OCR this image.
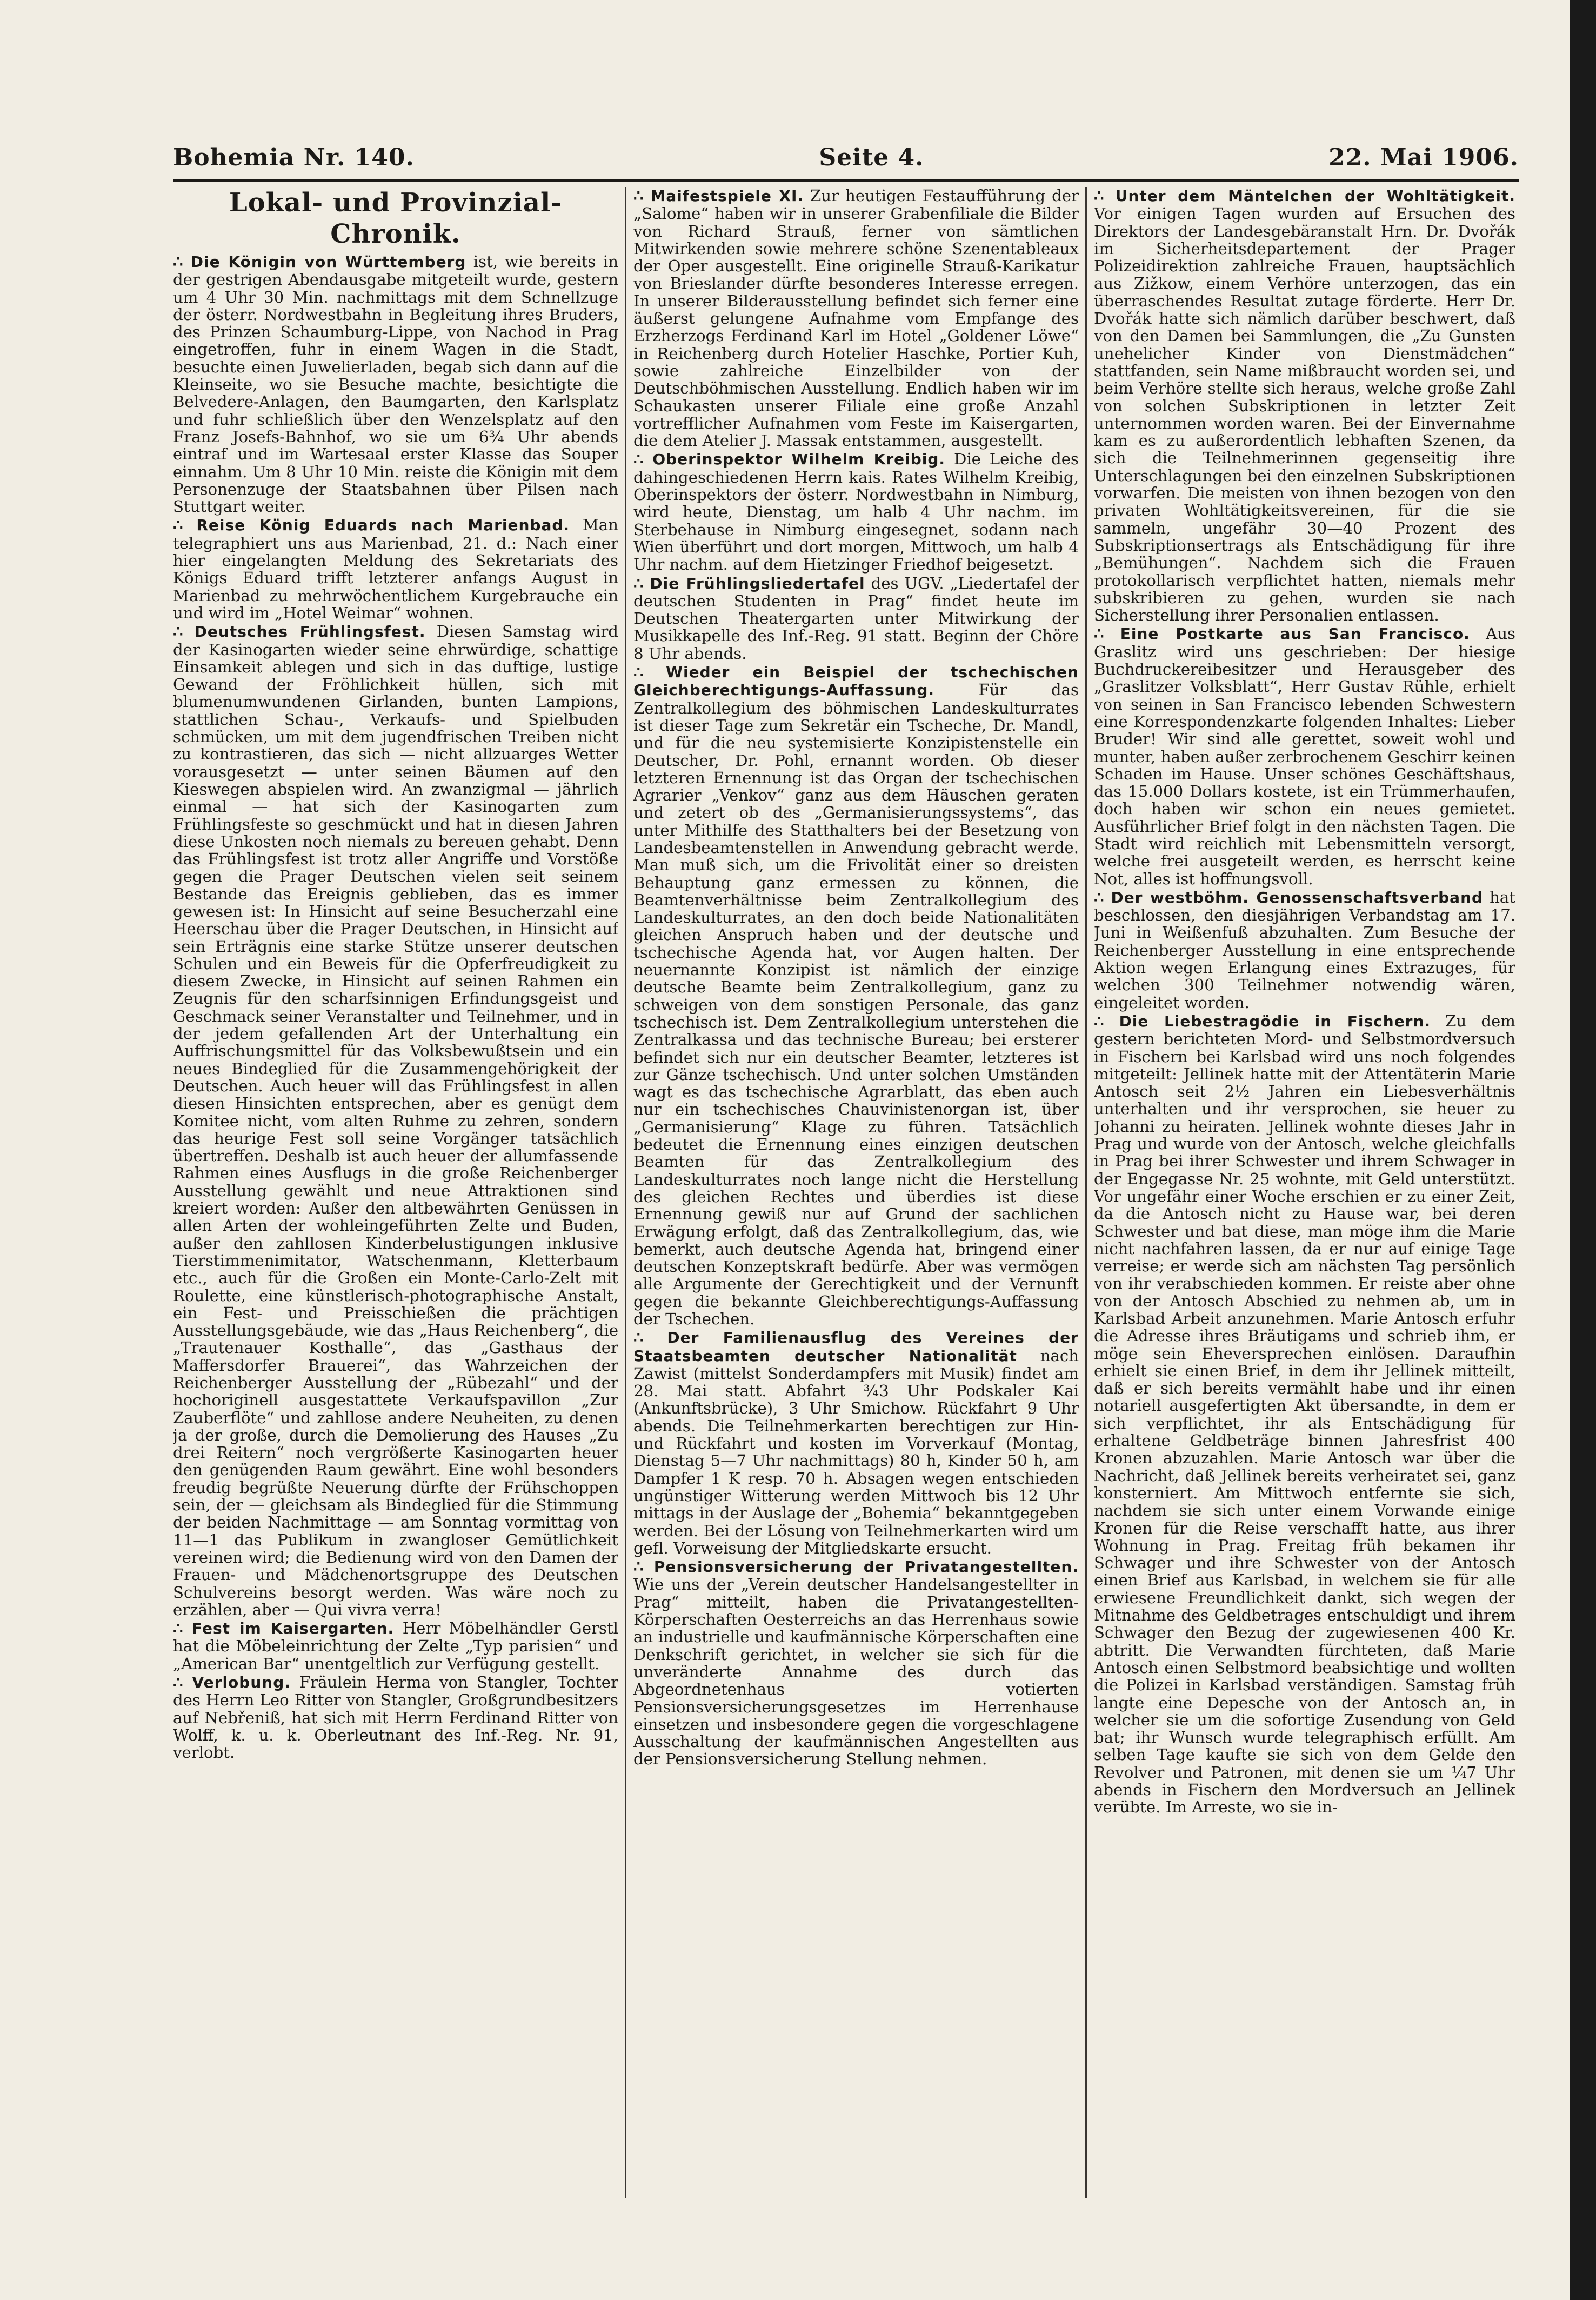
Bohemia Nr. 140.	Seite 4.	22. Mai 1906.
Lokal- und Provinzial-Chronik.

∴ Die Königin von Württemberg ist, wie bereits in der gestrigen Abendausgabe mitgeteilt wurde, gestern um 4 Uhr 30 Min. nachmittags mit dem Schnellzuge der österr. Nordwestbahn in Begleitung ihres Bruders, des Prinzen Schaumburg-Lippe, von Nachod in Prag eingetroffen, fuhr in einem Wagen in die Stadt, besuchte einen Juwelierladen, begab sich dann auf die Kleinseite, wo sie Besuche machte, besichtigte die Belvedere-Anlagen, den Baumgarten, den Karlsplatz und fuhr schließlich über den Wenzelsplatz auf den Franz Josefs-Bahnhof, wo sie um 6¾ Uhr abends eintraf und im Wartesaal erster Klasse das Souper einnahm. Um 8 Uhr 10 Min. reiste die Königin mit dem Personenzuge der Staatsbahnen über Pilsen nach Stuttgart weiter.

∴ Reise König Eduards nach Marienbad. Man telegraphiert uns aus Marienbad, 21. d.: Nach einer hier eingelangten Meldung des Sekretariats des Königs Eduard trifft letzterer anfangs August in Marienbad zu mehrwöchentlichem Kurgebrauche ein und wird im „Hotel Weimar“ wohnen.

∴ Deutsches Frühlingsfest. Diesen Samstag wird der Kasinogarten wieder seine ehrwürdige, schattige Einsamkeit ablegen und sich in das duftige, lustige Gewand der Fröhlichkeit hüllen, sich mit blumenumwundenen Girlanden, bunten Lampions, stattlichen Schau-, Verkaufs- und Spielbuden schmücken, um mit dem jugendfrischen Treiben nicht zu kontrastieren, das sich — nicht allzuarges Wetter vorausgesetzt — unter seinen Bäumen auf den Kieswegen abspielen wird. An zwanzigmal — jährlich einmal — hat sich der Kasinogarten zum Frühlingsfeste so geschmückt und hat in diesen Jahren diese Unkosten noch niemals zu bereuen gehabt. Denn das Frühlingsfest ist trotz aller Angriffe und Vorstöße gegen die Prager Deutschen vielen seit seinem Bestande das Ereignis geblieben, das es immer gewesen ist: In Hinsicht auf seine Besucherzahl eine Heerschau über die Prager Deutschen, in Hinsicht auf sein Erträgnis eine starke Stütze unserer deutschen Schulen und ein Beweis für die Opferfreudigkeit zu diesem Zwecke, in Hinsicht auf seinen Rahmen ein Zeugnis für den scharfsinnigen Erfindungsgeist und Geschmack seiner Veranstalter und Teilnehmer, und in der jedem gefallenden Art der Unterhaltung ein Auffrischungsmittel für das Volksbewußtsein und ein neues Bindeglied für die Zusammengehörigkeit der Deutschen. Auch heuer will das Frühlingsfest in allen diesen Hinsichten entsprechen, aber es genügt dem Komitee nicht, vom alten Ruhme zu zehren, sondern das heurige Fest soll seine Vorgänger tatsächlich übertreffen. Deshalb ist auch heuer der allumfassende Rahmen eines Ausflugs in die große Reichenberger Ausstellung gewählt und neue Attraktionen sind kreiert worden: Außer den altbewährten Genüssen in allen Arten der wohleingeführten Zelte und Buden, außer den zahllosen Kinderbelustigungen inklusive Tierstimmenimitator, Watschenmann, Kletterbaum etc., auch für die Großen ein Monte-Carlo-Zelt mit Roulette, eine künstlerisch-photographische Anstalt, ein Fest- und Preisschießen die prächtigen Ausstellungsgebäude, wie das „Haus Reichenberg“, die „Trautenauer Kosthalle“, das „Gasthaus der Maffersdorfer Brauerei“, das Wahrzeichen der Reichenberger Ausstellung der „Rübezahl“ und der hochoriginell ausgestattete Verkaufspavillon „Zur Zauberflöte“ und zahllose andere Neuheiten, zu denen ja der große, durch die Demolierung des Hauses „Zu drei Reitern“ noch vergrößerte Kasinogarten heuer den genügenden Raum gewährt. Eine wohl besonders freudig begrüßte Neuerung dürfte der Frühschoppen sein, der — gleichsam als Bindeglied für die Stimmung der beiden Nachmittage — am Sonntag vormittag von 11—1 das Publikum in zwangloser Gemütlichkeit vereinen wird; die Bedienung wird von den Damen der Frauen- und Mädchenortsgruppe des Deutschen Schulvereins besorgt werden. Was wäre noch zu erzählen, aber — Qui vivra verra!

∴ Fest im Kaisergarten. Herr Möbelhändler Gerstl hat die Möbeleinrichtung der Zelte „Typ parisien“ und „American Bar“ unentgeltlich zur Verfügung gestellt.

∴ Verlobung. Fräulein Herma von Stangler, Tochter des Herrn Leo Ritter von Stangler, Großgrundbesitzers auf Nebřeniß, hat sich mit Herrn Ferdinand Ritter von Wolff, k. u. k. Oberleutnant des Inf.-Reg. Nr. 91, verlobt.

∴ Maifestspiele XI. Zur heutigen Festaufführung der „Salome“ haben wir in unserer Grabenfiliale die Bilder von Richard Strauß, ferner von sämtlichen Mitwirkenden sowie mehrere schöne Szenentableaux der Oper ausgestellt. Eine originelle Strauß-Karikatur von Brieslander dürfte besonderes Interesse erregen. In unserer Bilderausstellung befindet sich ferner eine äußerst gelungene Aufnahme vom Empfange des Erzherzogs Ferdinand Karl im Hotel „Goldener Löwe“ in Reichenberg durch Hotelier Haschke, Portier Kuh, sowie zahlreiche Einzelbilder von der Deutschböhmischen Ausstellung. Endlich haben wir im Schaukasten unserer Filiale eine große Anzahl vortrefflicher Aufnahmen vom Feste im Kaisergarten, die dem Atelier J. Massak entstammen, ausgestellt.

∴ Oberinspektor Wilhelm Kreibig. Die Leiche des dahingeschiedenen Herrn kais. Rates Wilhelm Kreibig, Oberinspektors der österr. Nordwestbahn in Nimburg, wird heute, Dienstag, um halb 4 Uhr nachm. im Sterbehause in Nimburg eingesegnet, sodann nach Wien überführt und dort morgen, Mittwoch, um halb 4 Uhr nachm. auf dem Hietzinger Friedhof beigesetzt.

∴ Die Frühlingsliedertafel des UGV. „Liedertafel der deutschen Studenten in Prag“ findet heute im Deutschen Theatergarten unter Mitwirkung der Musikkapelle des Inf.-Reg. 91 statt. Beginn der Chöre 8 Uhr abends.

∴ Wieder ein Beispiel der tschechischen Gleichberechtigungs-Auffassung.	Für das Zentralkollegium des böhmischen Landeskulturrates ist dieser Tage zum Sekretär ein Tscheche, Dr. Mandl, und für die neu systemisierte Konzipistenstelle ein Deutscher, Dr. Pohl, ernannt worden. Ob dieser letzteren Ernennung ist das Organ der tschechischen Agrarier „Venkov“ ganz aus dem Häuschen geraten und zetert ob des „Germanisierungssystems“, das unter Mithilfe des Statthalters bei der Besetzung von Landesbeamtenstellen in Anwendung gebracht werde. Man muß sich, um die Frivolität einer so dreisten Behauptung ganz ermessen zu können, die Beamtenverhältnisse beim Zentralkollegium des Landeskulturrates, an den doch beide Nationalitäten gleichen Anspruch haben und der deutsche und tschechische Agenda hat, vor Augen halten. Der neuernannte Konzipist ist nämlich der einzige deutsche Beamte beim Zentralkollegium, ganz zu schweigen von dem sonstigen Personale, das ganz tschechisch ist. Dem Zentralkollegium unterstehen die Zentralkassa und das technische Bureau; bei ersterer befindet sich nur ein deutscher Beamter, letzteres ist zur Gänze tschechisch. Und unter solchen Umständen wagt es das tschechische Agrarblatt, das eben auch nur ein tschechisches Chauvinistenorgan ist, über „Germanisierung“ Klage zu führen. Tatsächlich bedeutet die Ernennung eines einzigen deutschen Beamten für das Zentralkollegium des Landeskulturrates noch lange nicht die Herstellung des gleichen Rechtes und überdies ist diese Ernennung gewiß nur auf Grund der sachlichen Erwägung erfolgt, daß das Zentralkollegium, das, wie bemerkt, auch deutsche Agenda hat, bringend einer deutschen Konzeptskraft bedürfe. Aber was vermögen alle Argumente der Gerechtigkeit und der Vernunft gegen die bekannte Gleichberechtigungs-Auffassung der Tschechen.

∴ Der Familienausflug des Vereines der Staatsbeamten deutscher Nationalität nach Zawist (mittelst Sonderdampfers mit Musik) findet am 28. Mai statt. Abfahrt ¾3 Uhr Podskaler Kai (Ankunftsbrücke), 3 Uhr Smichow. Rückfahrt 9 Uhr abends. Die Teilnehmerkarten berechtigen zur Hin- und Rückfahrt und kosten im Vorverkauf (Montag, Dienstag 5—7 Uhr nachmittags) 80 h, Kinder 50 h, am Dampfer 1 K resp. 70 h. Absagen wegen entschieden ungünstiger Witterung werden Mittwoch bis 12 Uhr mittags in der Auslage der „Bohemia“ bekanntgegeben werden. Bei der Lösung von Teilnehmerkarten wird um gefl. Vorweisung der Mitgliedskarte ersucht.

∴ Pensionsversicherung der Privatangestellten. Wie uns der „Verein deutscher Handelsangestellter in Prag“ mitteilt, haben die Privatangestellten-Körperschaften Oesterreichs an das Herrenhaus sowie an industrielle und kaufmännische Körperschaften eine Denkschrift gerichtet, in welcher sie sich für die unveränderte Annahme des durch das Abgeordnetenhaus votierten Pensionsversicherungsgesetzes im Herrenhause einsetzen und insbesondere gegen die vorgeschlagene Ausschaltung der kaufmännischen Angestellten aus der Pensionsversicherung Stellung nehmen.

∴ Unter dem Mäntelchen der Wohltätigkeit. Vor einigen Tagen wurden auf Ersuchen des Direktors der Landesgebäranstalt Hrn. Dr. Dvořák im Sicherheitsdepartement der Prager Polizeidirektion zahlreiche Frauen, hauptsächlich aus Zižkow, einem Verhöre unterzogen, das ein überraschendes Resultat zutage förderte. Herr Dr. Dvořák hatte sich nämlich darüber beschwert, daß von den Damen bei Sammlungen, die „Zu Gunsten unehelicher Kinder von Dienstmädchen“ stattfanden, sein Name mißbraucht worden sei, und beim Verhöre stellte sich heraus, welche große Zahl von solchen Subskriptionen in letzter Zeit unternommen worden waren. Bei der Einvernahme kam es zu außerordentlich lebhaften Szenen, da sich die Teilnehmerinnen gegenseitig ihre Unterschlagungen bei den einzelnen Subskriptionen vorwarfen. Die meisten von ihnen bezogen von den privaten Wohltätigkeitsvereinen, für die sie sammeln, ungefähr 30—40 Prozent des Subskriptionsertrags als Entschädigung für ihre „Bemühungen“. Nachdem sich die Frauen protokollarisch verpflichtet hatten, niemals mehr subskribieren zu gehen, wurden sie nach Sicherstellung ihrer Personalien entlassen.

∴ Eine Postkarte aus San Francisco. Aus Graslitz wird uns geschrieben: Der hiesige Buchdruckereibesitzer und Herausgeber des „Graslitzer Volksblatt“, Herr Gustav Rühle, erhielt von seinen in San Francisco lebenden Schwestern eine Korrespondenzkarte folgenden Inhaltes: Lieber Bruder! Wir sind alle gerettet, soweit wohl und munter, haben außer zerbrochenem Geschirr keinen Schaden im Hause. Unser schönes Geschäftshaus, das 15.000 Dollars kostete, ist ein Trümmerhaufen, doch haben wir schon ein neues gemietet. Ausführlicher Brief folgt in den nächsten Tagen. Die Stadt wird reichlich mit Lebensmitteln versorgt, welche frei ausgeteilt werden, es herrscht keine Not, alles ist hoffnungsvoll.

∴ Der westböhm. Genossenschaftsverband hat beschlossen, den diesjährigen Verbandstag am 17. Juni in Weißenfuß abzuhalten. Zum Besuche der Reichenberger Ausstellung in eine entsprechende Aktion wegen Erlangung eines Extrazuges, für welchen 300 Teilnehmer notwendig wären, eingeleitet worden.

∴ Die Liebestragödie in Fischern. Zu dem gestern berichteten Mord- und Selbstmordversuch in Fischern bei Karlsbad wird uns noch folgendes mitgeteilt: Jellinek hatte mit der Attentäterin Marie Antosch seit 2½ Jahren ein Liebesverhältnis unterhalten und ihr versprochen, sie heuer zu Johanni zu heiraten. Jellinek wohnte dieses Jahr in Prag und wurde von der Antosch, welche gleichfalls in Prag bei ihrer Schwester und ihrem Schwager in der Engegasse Nr. 25 wohnte, mit Geld unterstützt. Vor ungefähr einer Woche erschien er zu einer Zeit, da die Antosch nicht zu Hause war, bei deren Schwester und bat diese, man möge ihm die Marie nicht nachfahren lassen, da er nur auf einige Tage verreise; er werde sich am nächsten Tag persönlich von ihr verabschieden kommen. Er reiste aber ohne von der Antosch Abschied zu nehmen ab, um in Karlsbad Arbeit anzunehmen. Marie Antosch erfuhr die Adresse ihres Bräutigams und schrieb ihm, er möge sein Eheversprechen einlösen. Daraufhin erhielt sie einen Brief, in dem ihr Jellinek mitteilt, daß er sich bereits vermählt habe und ihr einen notariell ausgefertigten Akt übersandte, in dem er sich verpflichtet, ihr als Entschädigung für erhaltene Geldbeträge binnen Jahresfrist 400 Kronen abzuzahlen. Marie Antosch war über die Nachricht, daß Jellinek bereits verheiratet sei, ganz konsterniert. Am Mittwoch entfernte sie sich, nachdem sie sich unter einem Vorwande einige Kronen für die Reise verschafft hatte, aus ihrer Wohnung in Prag. Freitag früh bekamen ihr Schwager und ihre Schwester von der Antosch einen Brief aus Karlsbad, in welchem sie für alle erwiesene Freundlichkeit dankt, sich wegen der Mitnahme des Geldbetrages entschuldigt und ihrem Schwager den Bezug der zugewiesenen 400 Kr. abtritt. Die Verwandten fürchteten, daß Marie Antosch einen Selbstmord beabsichtige und wollten die Polizei in Karlsbad verständigen. Samstag früh langte eine Depesche von der Antosch an, in welcher sie um die sofortige Zusendung von Geld bat; ihr Wunsch wurde telegraphisch erfüllt. Am selben Tage kaufte sie sich von dem Gelde den Revolver und Patronen, mit denen sie um ¼7 Uhr abends in Fischern den Mordversuch an Jellinek verübte. Im Arreste, wo sie in-
